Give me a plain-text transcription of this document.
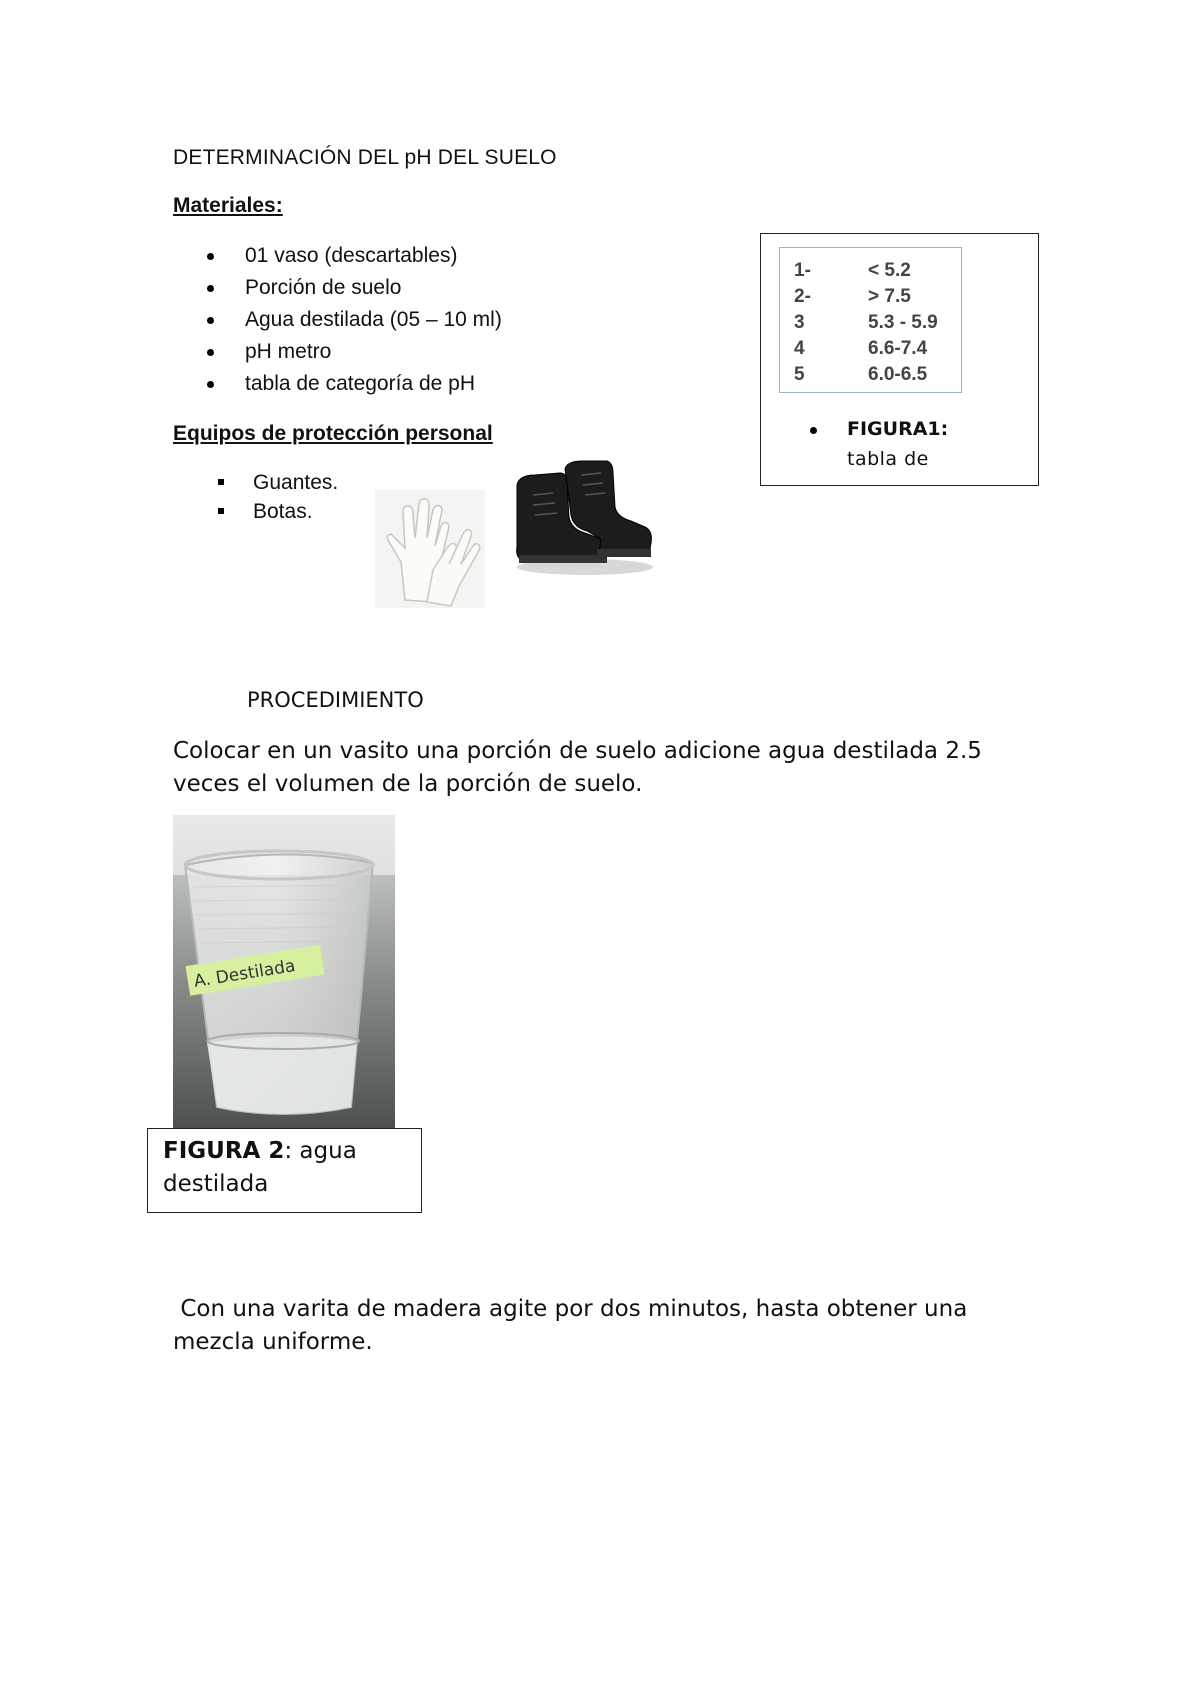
DETERMINACIÓN DEL pH DEL SUELO
Materiales:
01 vaso (descartables)
Porción de suelo
Agua destilada (05 – 10 ml)
pH metro
tabla de categoría de pH
Equipos de protección personal
Guantes.
Botas.
1-	< 5.2
2-	> 7.5
3	5.3 - 5.9
4	6.6-7.4
5	6.0-6.5
FIGURA1:
tabla de
PROCEDIMIENTO
Colocar en un vasito una porción de suelo adicione agua destilada 2.5 veces el volumen de la porción de suelo.
A. Destilada
FIGURA 2: agua destilada
Con una varita de madera agite por dos minutos, hasta obtener una mezcla uniforme.
